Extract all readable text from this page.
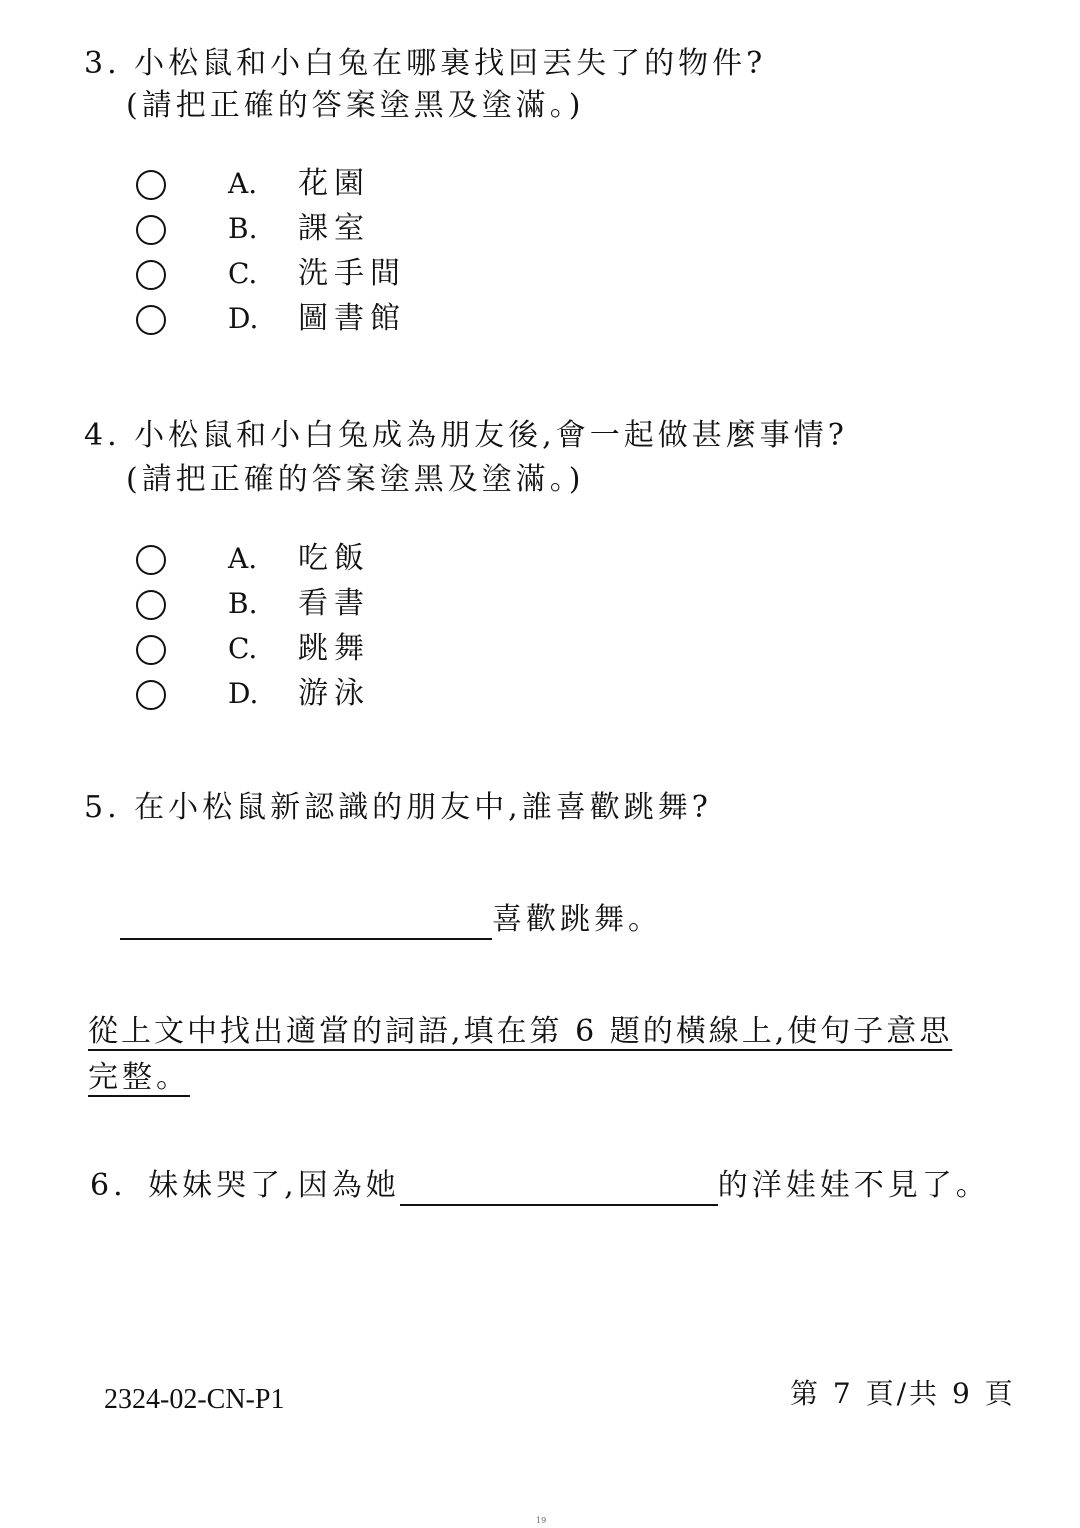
3. 小松鼠和小白兔在哪裏找回丟失了的物件?
(請把正確的答案塗黑及塗滿。)
A. 花園
B. 課室
C. 洗手間
D. 圖書館
4. 小松鼠和小白兔成為朋友後,會一起做甚麼事情?
(請把正確的答案塗黑及塗滿。)
A. 吃飯
B. 看書
C. 跳舞
D. 游泳
5. 在小松鼠新認識的朋友中,誰喜歡跳舞?
喜歡跳舞。
從上文中找出適當的詞語,填在第 6 題的橫線上,使句子意思
完整。
6. 妹妹哭了,因為她	的洋娃娃不見了。
2324-02-CN-P1	第 7 頁/共 9 頁
19
